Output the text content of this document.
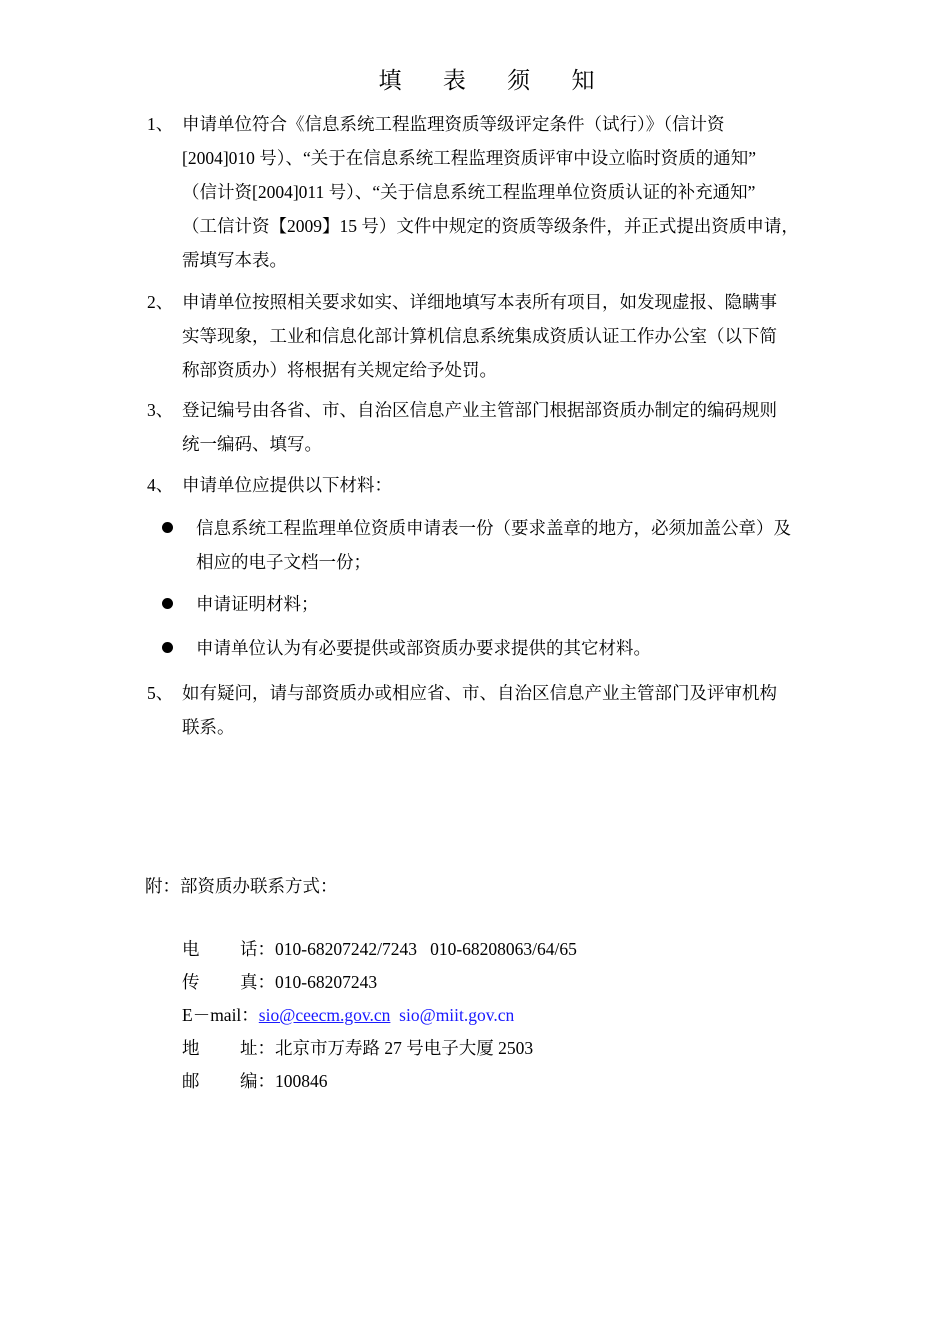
填 表 须 知
1、 申请单位符合《信息系统工程监理资质等级评定条件（试行）》（信计资
[2004]010 号）、“关于在信息系统工程监理资质评审中设立临时资质的通知”
（信计资[2004]011 号）、“关于信息系统工程监理单位资质认证的补充通知”
（工信计资【2009】15 号）文件中规定的资质等级条件，并正式提出资质申请，
需填写本表。
2、 申请单位按照相关要求如实、详细地填写本表所有项目，如发现虚报、隐瞒事
实等现象，工业和信息化部计算机信息系统集成资质认证工作办公室（以下简
称部资质办）将根据有关规定给予处罚。
3、 登记编号由各省、市、自治区信息产业主管部门根据部资质办制定的编码规则
统一编码、填写。
4、 申请单位应提供以下材料：
信息系统工程监理单位资质申请表一份（要求盖章的地方，必须加盖公章）及
相应的电子文档一份；
申请证明材料；
申请单位认为有必要提供或部资质办要求提供的其它材料。
5、 如有疑问，请与部资质办或相应省、市、自治区信息产业主管部门及评审机构
联系。
附：部资质办联系方式：
电 话：010-68207242/7243   010-68208063/64/65
传 真：010-68207243
E－mail：sio@ceecm.gov.cn sio@miit.gov.cn
地 址：北京市万寿路 27 号电子大厦 2503
邮 编：100846
